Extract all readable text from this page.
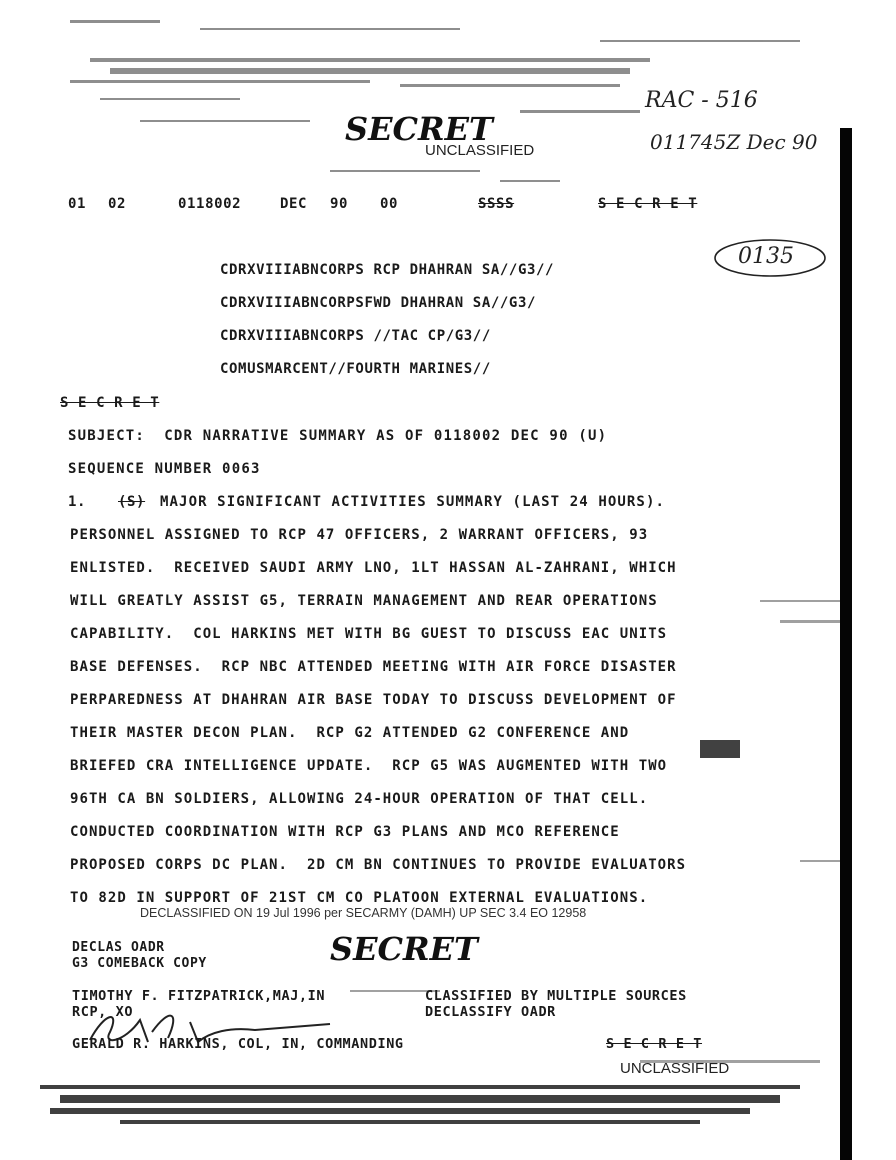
RAC - 516
SECRET
UNCLASSIFIED	011745Z Dec 90
01 02	0118002	DEC 90 00	SSSS	S E C R E T
0135
CDRXVIIIABNCORPS RCP DHAHRAN SA//G3//
CDRXVIIIABNCORPSFWD DHAHRAN SA//G3/
CDRXVIIIABNCORPS //TAC CP/G3//
COMUSMARCENT//FOURTH MARINES//
S E C R E T
SUBJECT:  CDR NARRATIVE SUMMARY AS OF 0118002 DEC 90 (U)
SEQUENCE NUMBER 0063
1. (S) MAJOR SIGNIFICANT ACTIVITIES SUMMARY (LAST 24 HOURS).
PERSONNEL ASSIGNED TO RCP 47 OFFICERS, 2 WARRANT OFFICERS, 93
ENLISTED.  RECEIVED SAUDI ARMY LNO, 1LT HASSAN AL-ZAHRANI, WHICH
WILL GREATLY ASSIST G5, TERRAIN MANAGEMENT AND REAR OPERATIONS
CAPABILITY.  COL HARKINS MET WITH BG GUEST TO DISCUSS EAC UNITS
BASE DEFENSES.  RCP NBC ATTENDED MEETING WITH AIR FORCE DISASTER
PERPAREDNESS AT DHAHRAN AIR BASE TODAY TO DISCUSS DEVELOPMENT OF
THEIR MASTER DECON PLAN.  RCP G2 ATTENDED G2 CONFERENCE AND
BRIEFED CRA INTELLIGENCE UPDATE.  RCP G5 WAS AUGMENTED WITH TWO
96TH CA BN SOLDIERS, ALLOWING 24-HOUR OPERATION OF THAT CELL.
CONDUCTED COORDINATION WITH RCP G3 PLANS AND MCO REFERENCE
PROPOSED CORPS DC PLAN.  2D CM BN CONTINUES TO PROVIDE EVALUATORS
TO 82D IN SUPPORT OF 21ST CM CO PLATOON EXTERNAL EVALUATIONS.
DECLASSIFIED ON 19 Jul 1996 per SECARMY (DAMH) UP SEC 3.4 EO 12958
DECLAS OADR
G3 COMEBACK COPY	SECRET
TIMOTHY F. FITZPATRICK,MAJ,IN
RCP, XO
CLASSIFIED BY MULTIPLE SOURCES
DECLASSIFY OADR
GERALD R. HARKINS, COL, IN, COMMANDING	S E C R E T
UNCLASSIFIED
